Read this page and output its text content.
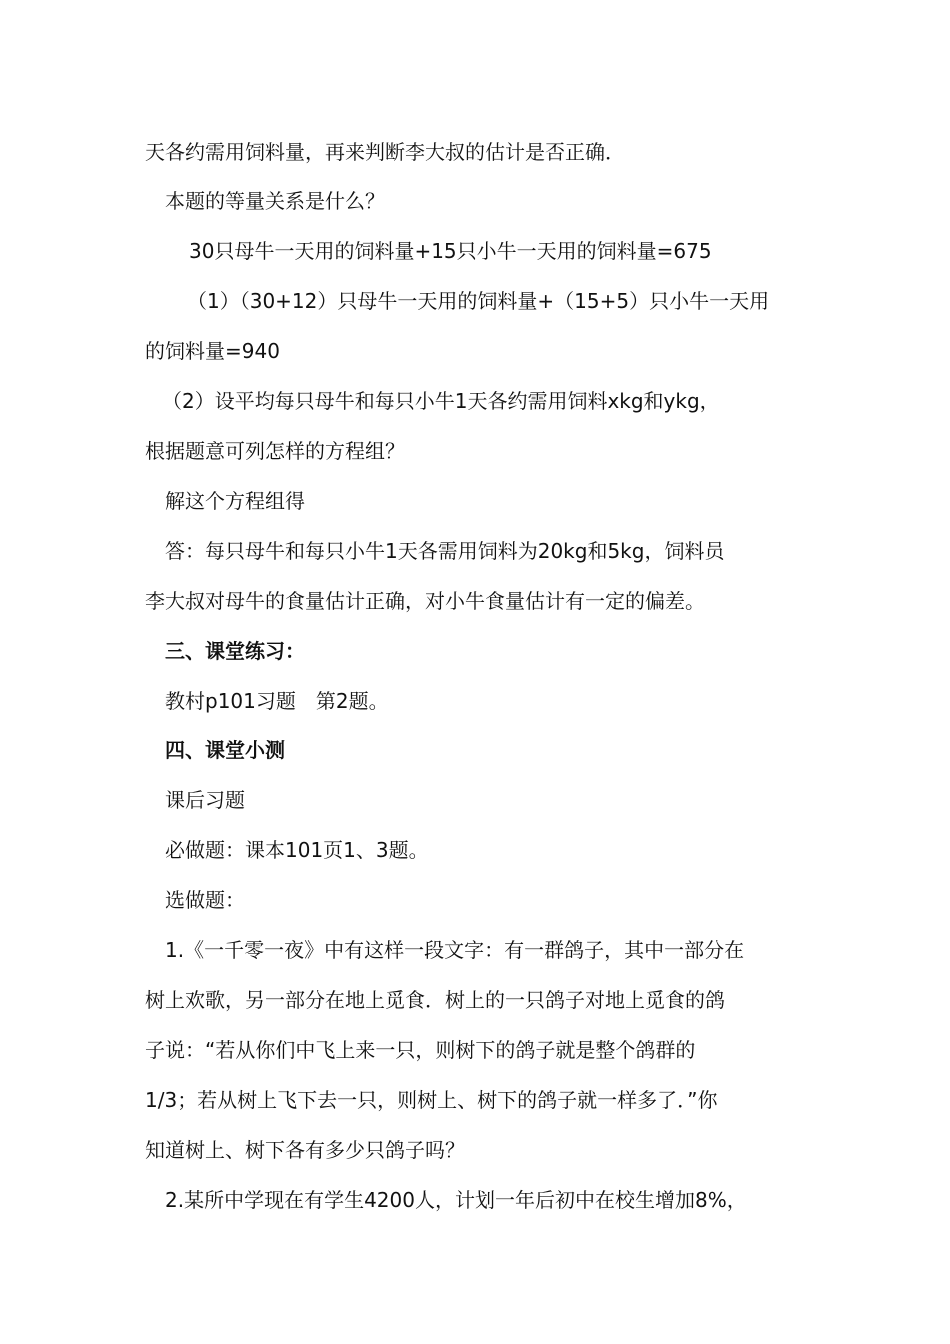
天各约需用饲料量，再来判断李大叔的估计是否正确．
本题的等量关系是什么？
30只母牛一天用的饲料量+15只小牛一天用的饲料量=675
（1）（30+12）只母牛一天用的饲料量+（15+5）只小牛一天用
的饲料量=940
（2）设平均每只母牛和每只小牛1天各约需用饲料xkg和ykg，
根据题意可列怎样的方程组？
解这个方程组得
答：每只母牛和每只小牛1天各需用饲料为20kg和5kg，饲料员
李大叔对母牛的食量估计正确，对小牛食量估计有一定的偏差。
三、课堂练习：
教村p101习题　第2题。
四、课堂小测
课后习题
必做题：课本101页1、3题。
选做题：
1.《一千零一夜》中有这样一段文字：有一群鸽子，其中一部分在
树上欢歌，另一部分在地上觅食．树上的一只鸽子对地上觅食的鸽
子说：“若从你们中飞上来一只，则树下的鸽子就是整个鸽群的
1/3；若从树上飞下去一只，则树上、树下的鸽子就一样多了．”你
知道树上、树下各有多少只鸽子吗？
2.某所中学现在有学生4200人，计划一年后初中在校生增加8%，
